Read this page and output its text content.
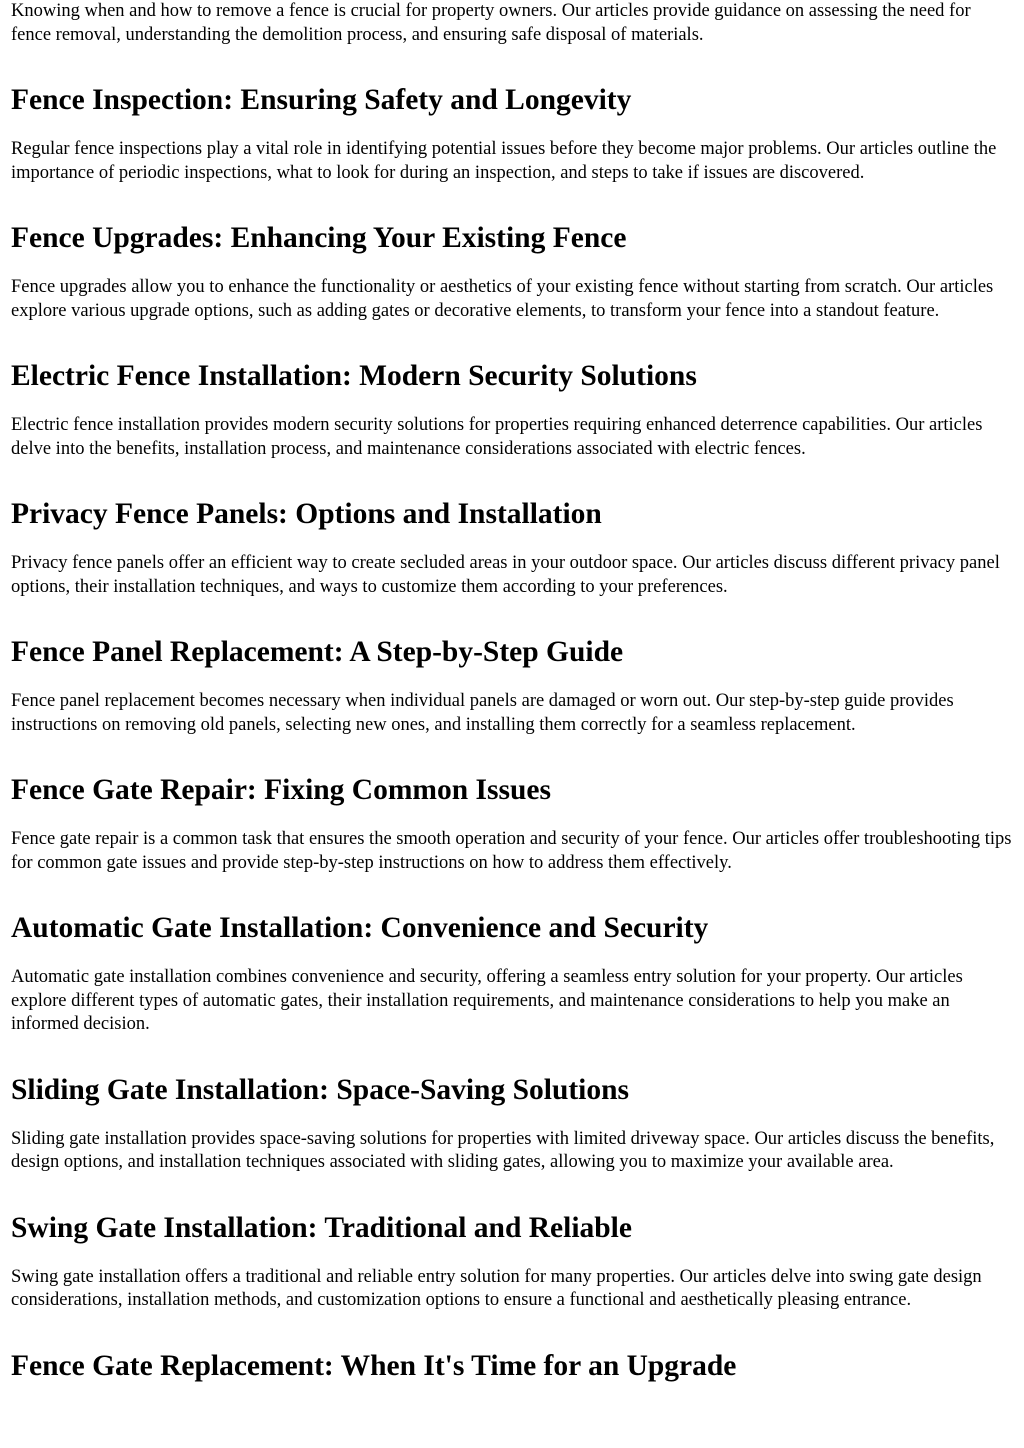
Knowing when and how to remove a fence is crucial for property owners. Our articles provide guidance on assessing the need for fence removal, understanding the demolition process, and ensuring safe disposal of materials.

Fence Inspection: Ensuring Safety and Longevity

Regular fence inspections play a vital role in identifying potential issues before they become major problems. Our articles outline the importance of periodic inspections, what to look for during an inspection, and steps to take if issues are discovered.

Fence Upgrades: Enhancing Your Existing Fence

Fence upgrades allow you to enhance the functionality or aesthetics of your existing fence without starting from scratch. Our articles explore various upgrade options, such as adding gates or decorative elements, to transform your fence into a standout feature.

Electric Fence Installation: Modern Security Solutions

Electric fence installation provides modern security solutions for properties requiring enhanced deterrence capabilities. Our articles delve into the benefits, installation process, and maintenance considerations associated with electric fences.

Privacy Fence Panels: Options and Installation

Privacy fence panels offer an efficient way to create secluded areas in your outdoor space. Our articles discuss different privacy panel options, their installation techniques, and ways to customize them according to your preferences.

Fence Panel Replacement: A Step-by-Step Guide

Fence panel replacement becomes necessary when individual panels are damaged or worn out. Our step-by-step guide provides instructions on removing old panels, selecting new ones, and installing them correctly for a seamless replacement.

Fence Gate Repair: Fixing Common Issues

Fence gate repair is a common task that ensures the smooth operation and security of your fence. Our articles offer troubleshooting tips for common gate issues and provide step-by-step instructions on how to address them effectively.

Automatic Gate Installation: Convenience and Security

Automatic gate installation combines convenience and security, offering a seamless entry solution for your property. Our articles explore different types of automatic gates, their installation requirements, and maintenance considerations to help you make an informed decision.

Sliding Gate Installation: Space-Saving Solutions

Sliding gate installation provides space-saving solutions for properties with limited driveway space. Our articles discuss the benefits, design options, and installation techniques associated with sliding gates, allowing you to maximize your available area.

Swing Gate Installation: Traditional and Reliable

Swing gate installation offers a traditional and reliable entry solution for many properties. Our articles delve into swing gate design considerations, installation methods, and customization options to ensure a functional and aesthetically pleasing entrance.

Fence Gate Replacement: When It's Time for an Upgrade
